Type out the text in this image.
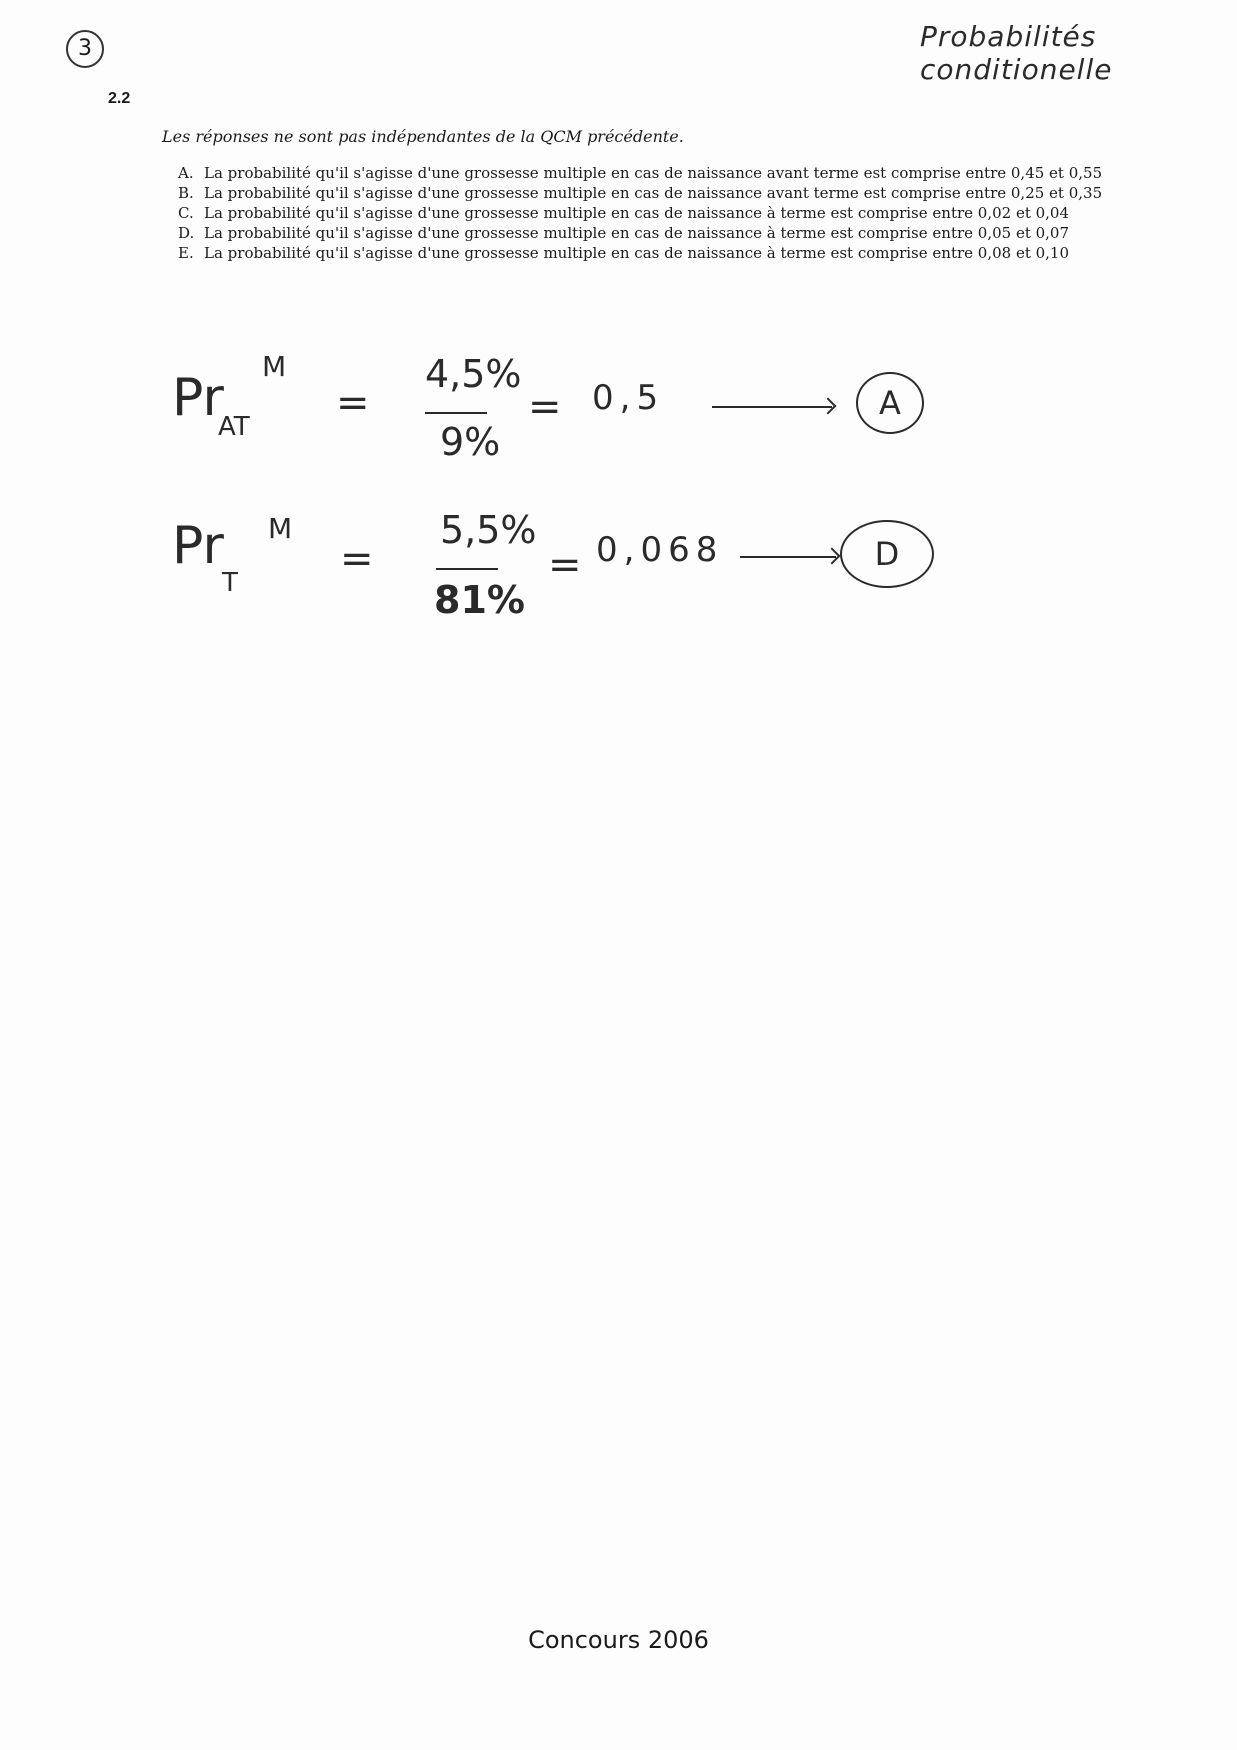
3	Probabilités conditionelle
2.2
Les réponses ne sont pas indépendantes de la QCM précédente.
A. La probabilité qu'il s'agisse d'une grossesse multiple en cas de naissance avant terme est comprise entre 0,45 et 0,55
B. La probabilité qu'il s'agisse d'une grossesse multiple en cas de naissance avant terme est comprise entre 0,25 et 0,35
C. La probabilité qu'il s'agisse d'une grossesse multiple en cas de naissance à terme est comprise entre 0,02 et 0,04
D. La probabilité qu'il s'agisse d'une grossesse multiple en cas de naissance à terme est comprise entre 0,05 et 0,07
E. La probabilité qu'il s'agisse d'une grossesse multiple en cas de naissance à terme est comprise entre 0,08 et 0,10
Pr
AT
M
=
4,5%
9%
= 0,5	A
Pr
T
M
=
5,5%
81%
= 0,068	D
Concours 2006
